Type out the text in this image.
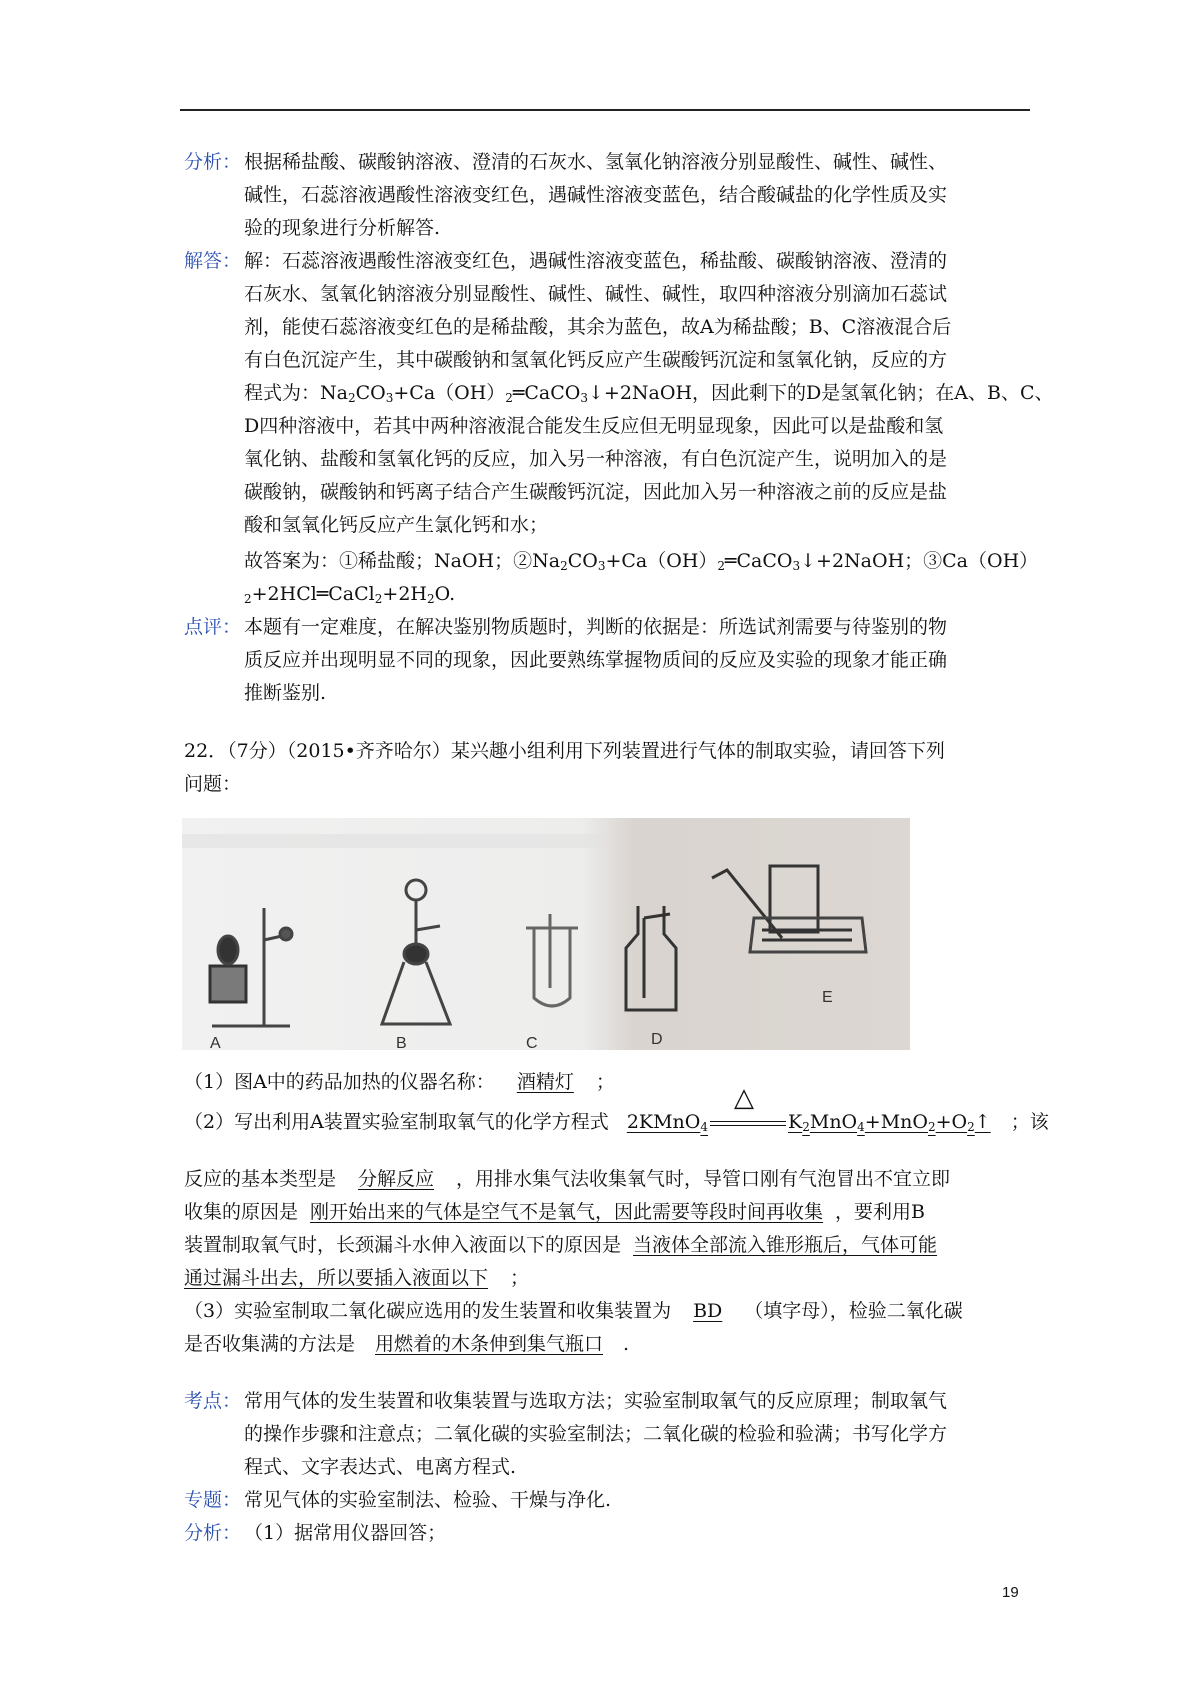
分析： 根据稀盐酸、碳酸钠溶液、澄清的石灰水、氢氧化钠溶液分别显酸性、碱性、碱性、
碱性，石蕊溶液遇酸性溶液变红色，遇碱性溶液变蓝色，结合酸碱盐的化学性质及实
验的现象进行分析解答.
解答： 解：石蕊溶液遇酸性溶液变红色，遇碱性溶液变蓝色，稀盐酸、碳酸钠溶液、澄清的
石灰水、氢氧化钠溶液分别显酸性、碱性、碱性、碱性，取四种溶液分别滴加石蕊试
剂，能使石蕊溶液变红色的是稀盐酸，其余为蓝色，故A为稀盐酸；B、C溶液混合后
有白色沉淀产生，其中碳酸钠和氢氧化钙反应产生碳酸钙沉淀和氢氧化钠，反应的方
程式为：$Na_2CO_3+Ca(OH)_2═CaCO_3↓+2NaOH$，因此剩下的D是氢氧化钠；在A、B、C、
D四种溶液中，若其中两种溶液混合能发生反应但无明显现象，因此可以是盐酸和氢
氧化钠、盐酸和氢氧化钙的反应，加入另一种溶液，有白色沉淀产生，说明加入的是
碳酸钠，碳酸钠和钙离子结合产生碳酸钙沉淀，因此加入另一种溶液之前的反应是盐
酸和氢氧化钙反应产生氯化钙和水；
故答案为：①稀盐酸；NaOH；$②Na_2CO_3+Ca(OH)_2═CaCO_3↓+2NaOH$；③Ca（OH）
$_2+2HCl═CaCl_2+2H_2O$.
点评： 本题有一定难度，在解决鉴别物质题时，判断的依据是：所选试剂需要与待鉴别的物
质反应并出现明显不同的现象，因此要熟练掌握物质间的反应及实验的现象才能正确
推断鉴别.
22．（7分）（2015•齐齐哈尔）某兴趣小组利用下列装置进行气体的制取实验，请回答下列
问题：
A	B	C	D
E
（1）图A中的药品加热的仪器名称： 酒精灯 ；
（2）写出利用A装置实验室制取氧气的化学方程式 2KMnO$_4$
△
$K_2MnO_4+MnO_2+O_2↑$ ；该
反应的基本类型是 分解反应 ，用排水集气法收集氧气时，导管口刚有气泡冒出不宜立即
收集的原因是 刚开始出来的气体是空气不是氧气，因此需要等段时间再收集 ，要利用B
装置制取氧气时，长颈漏斗水伸入液面以下的原因是 当液体全部流入锥形瓶后，气体可能
通过漏斗出去，所以要插入液面以下 ；
（3）实验室制取二氧化碳应选用的发生装置和收集装置为 BD （填字母），检验二氧化碳
是否收集满的方法是 用燃着的木条伸到集气瓶口 .
考点： 常用气体的发生装置和收集装置与选取方法；实验室制取氧气的反应原理；制取氧气
的操作步骤和注意点；二氧化碳的实验室制法；二氧化碳的检验和验满；书写化学方
程式、文字表达式、电离方程式.
专题： 常见气体的实验室制法、检验、干燥与净化.
分析： （1）据常用仪器回答；
19
